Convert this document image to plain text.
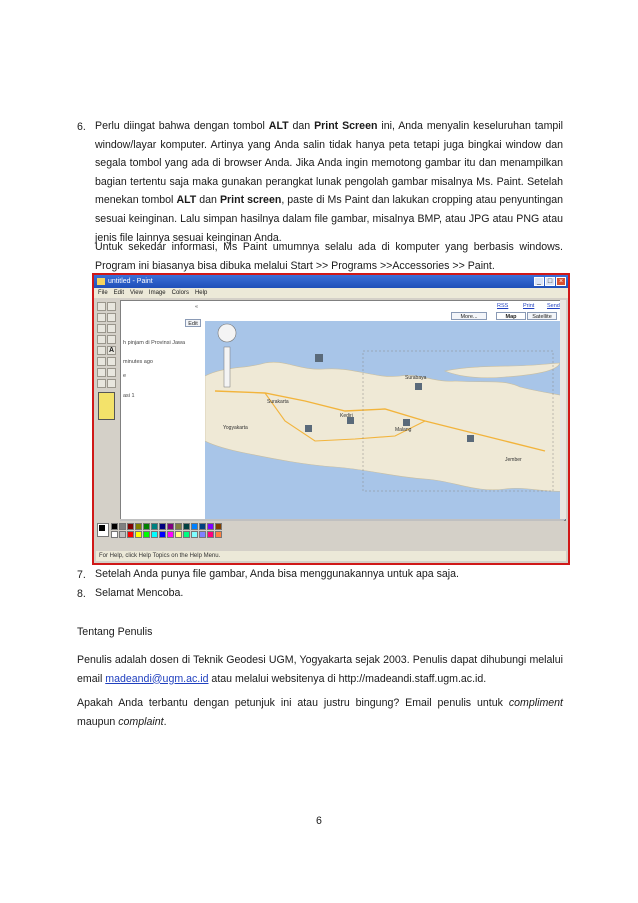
6. Perlu diingat bahwa dengan tombol ALT dan Print Screen ini, Anda menyalin keseluruhan tampil window/layar komputer. Artinya yang Anda salin tidak hanya peta tetapi juga bingkai window dan segala tombol yang ada di browser Anda. Jika Anda ingin memotong gambar itu dan menampilkan bagian tertentu saja maka gunakan perangkat lunak pengolah gambar misalnya Ms. Paint. Setelah menekan tombol ALT dan Print screen, paste di Ms Paint dan lakukan cropping atau penyuntingan sesuai keinginan. Lalu simpan hasilnya dalam file gambar, misalnya BMP, atau JPG atau PNG atau jenis file lainnya sesuai keinginan Anda.
Untuk sekedar informasi, Ms Paint umumnya selalu ada di komputer yang berbasis windows. Program ini biasanya bisa dibuka melalui Start >> Programs >>Accessories >> Paint.
untitled - Paint	_ □ ×
File Edit View Image Colors Help
A
«
Edit
h pinjam di Provinsi Jawa
minutes ago
e
asi 1
RSS	Print Send
More...	Map	Satellite
Surabaya
Surakarta
Kediri
Malang
Yogyakarta
Jember
For Help, click Help Topics on the Help Menu.
7. Setelah Anda punya file gambar, Anda bisa menggunakannya untuk apa saja.
8. Selamat Mencoba.
Tentang Penulis
Penulis adalah dosen di Teknik Geodesi UGM, Yogyakarta sejak 2003. Penulis dapat dihubungi melalui email madeandi@ugm.ac.id atau melalui websitenya di http://madeandi.staff.ugm.ac.id.
Apakah Anda terbantu dengan petunjuk ini atau justru bingung? Email penulis untuk compliment maupun complaint.
6
